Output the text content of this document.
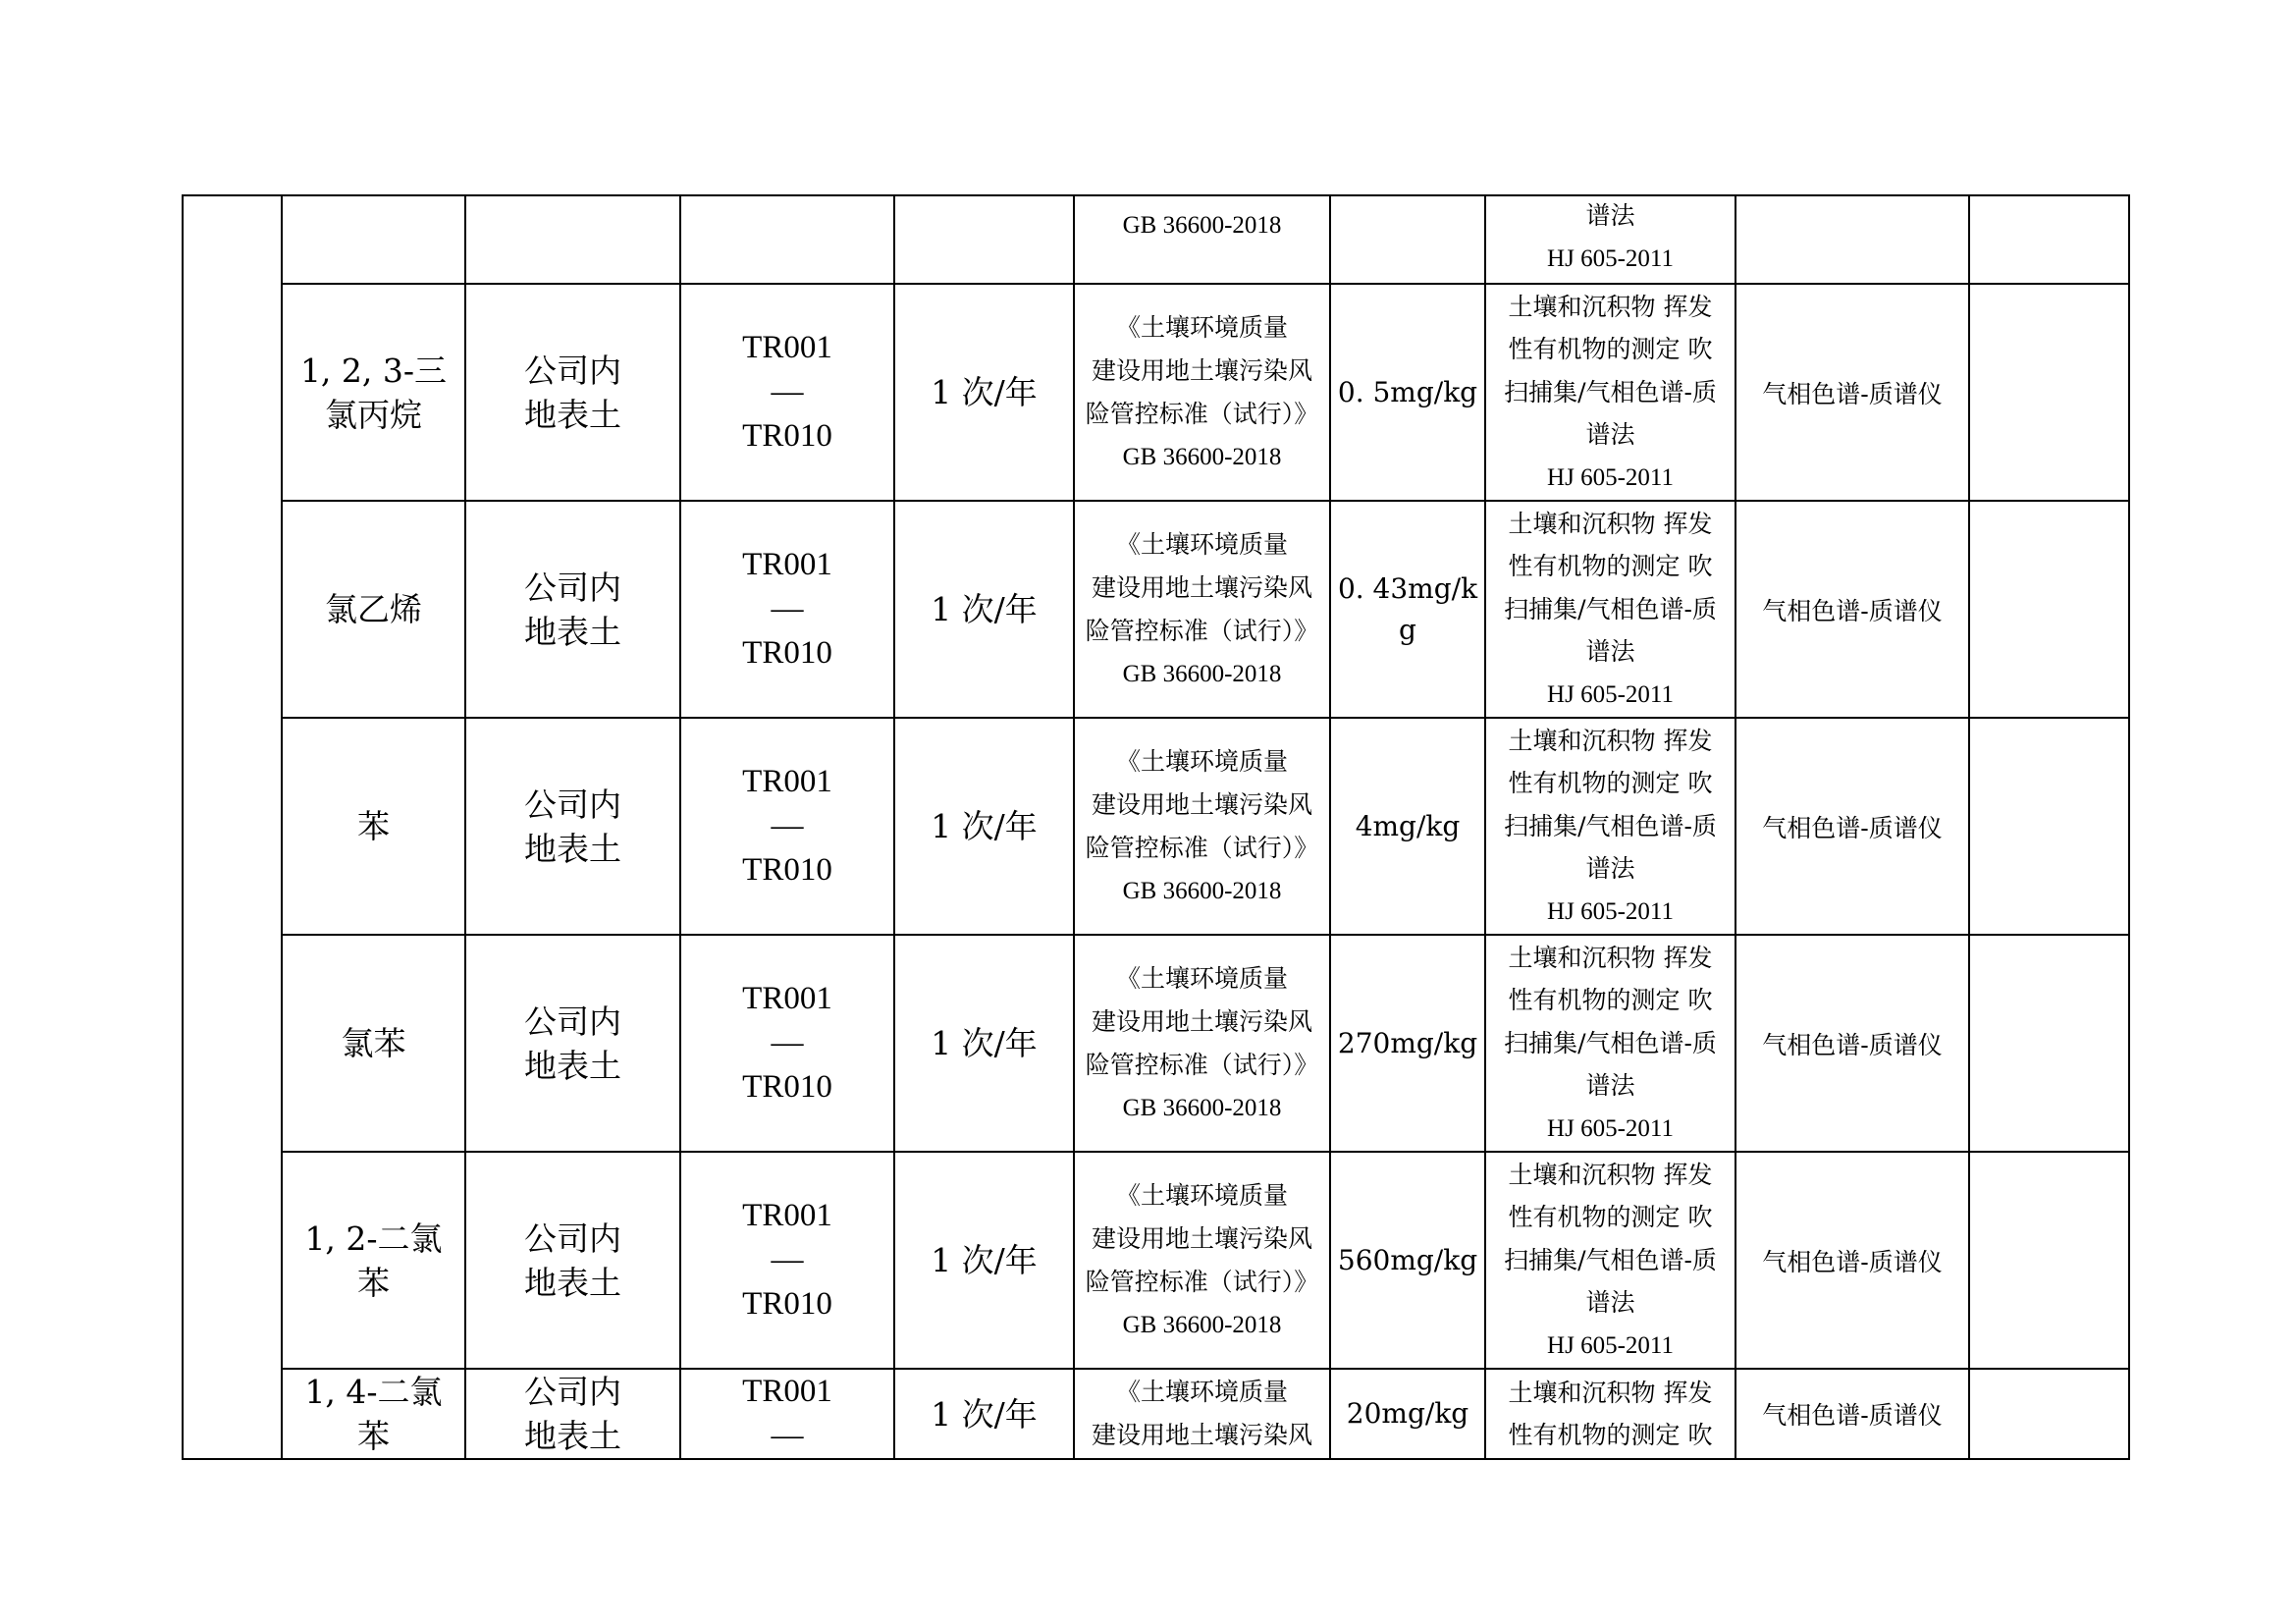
					GB 36600-2018		谱法
HJ 605-2011		

	1, 2, 3-三
氯丙烷	公司内
地表土	TR001
—
TR010	1 次/年	《土壤环境质量
建设用地土壤污染风
险管控标准（试行）》
GB 36600-2018	0. 5mg/kg	土壤和沉积物 挥发
性有机物的测定 吹
扫捕集/气相色谱-质
谱法
HJ 605-2011	气相色谱-质谱仪	

	氯乙烯	公司内
地表土	TR001
—
TR010	1 次/年	《土壤环境质量
建设用地土壤污染风
险管控标准（试行）》
GB 36600-2018	0. 43mg/kg	土壤和沉积物 挥发
性有机物的测定 吹
扫捕集/气相色谱-质
谱法
HJ 605-2011	气相色谱-质谱仪	

	苯	公司内
地表土	TR001
—
TR010	1 次/年	《土壤环境质量
建设用地土壤污染风
险管控标准（试行）》
GB 36600-2018	4mg/kg	土壤和沉积物 挥发
性有机物的测定 吹
扫捕集/气相色谱-质
谱法
HJ 605-2011	气相色谱-质谱仪	

	氯苯	公司内
地表土	TR001
—
TR010	1 次/年	《土壤环境质量
建设用地土壤污染风
险管控标准（试行）》
GB 36600-2018	270mg/kg	土壤和沉积物 挥发
性有机物的测定 吹
扫捕集/气相色谱-质
谱法
HJ 605-2011	气相色谱-质谱仪	

	1, 2-二氯
苯	公司内
地表土	TR001
—
TR010	1 次/年	《土壤环境质量
建设用地土壤污染风
险管控标准（试行）》
GB 36600-2018	560mg/kg	土壤和沉积物 挥发
性有机物的测定 吹
扫捕集/气相色谱-质
谱法
HJ 605-2011	气相色谱-质谱仪	

	1, 4-二氯
苯	公司内
地表土	TR001
—	1 次/年	《土壤环境质量
建设用地土壤污染风	20mg/kg	土壤和沉积物 挥发
性有机物的测定 吹	气相色谱-质谱仪	
